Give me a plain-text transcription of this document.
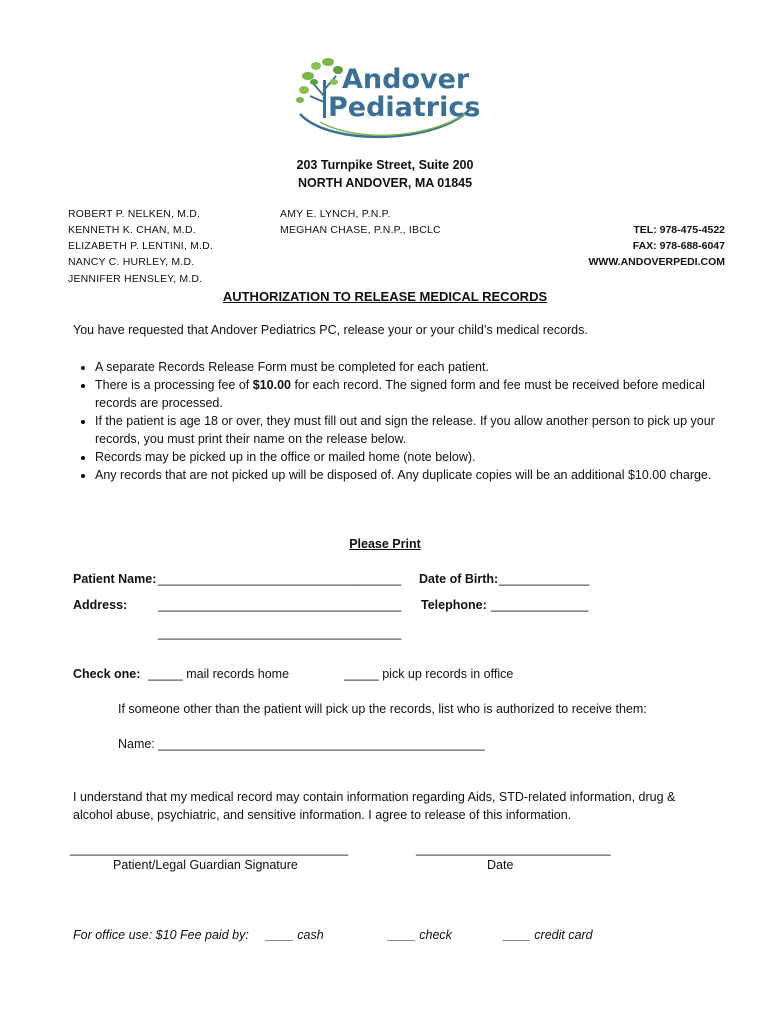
Andover
Pediatrics
203 Turnpike Street, Suite 200
NORTH ANDOVER, MA 01845
ROBERT P. NELKEN, M.D.
KENNETH K. CHAN, M.D.
ELIZABETH P. LENTINI, M.D.
NANCY C. HURLEY, M.D.
JENNIFER HENSLEY, M.D.
AMY E. LYNCH, P.N.P.
MEGHAN CHASE, P.N.P., IBCLC	TEL: 978-475-4522
FAX: 978-688-6047
WWW.ANDOVERPEDI.COM
AUTHORIZATION TO RELEASE MEDICAL RECORDS
You have requested that Andover Pediatrics PC, release your or your child’s medical records.
• A separate Records Release Form must be completed for each patient.
• There is a processing fee of $10.00 for each record. The signed form and fee must be received before medical records are processed.
• If the patient is age 18 or over, they must fill out and sign the release. If you allow another person to pick up your records, you must print their name on the release below.
• Records may be picked up in the office or mailed home (note below).
• Any records that are not picked up will be disposed of. Any duplicate copies will be an additional $10.00 charge.
Please Print
Patient Name: ___________________________________ Date of Birth: _____________
Address: ___________________________________ Telephone: ______________
___________________________________
Check one: _____ mail records home	_____ pick up records in office
If someone other than the patient will pick up the records, list who is authorized to receive them:
Name: _______________________________________________
I understand that my medical record may contain information regarding Aids, STD-related information, drug & alcohol abuse, psychiatric, and sensitive information. I agree to release of this information.
________________________________________
Patient/Legal Guardian Signature
____________________________
Date
For office use: $10 Fee paid by: ____ cash	____ check	____ credit card
